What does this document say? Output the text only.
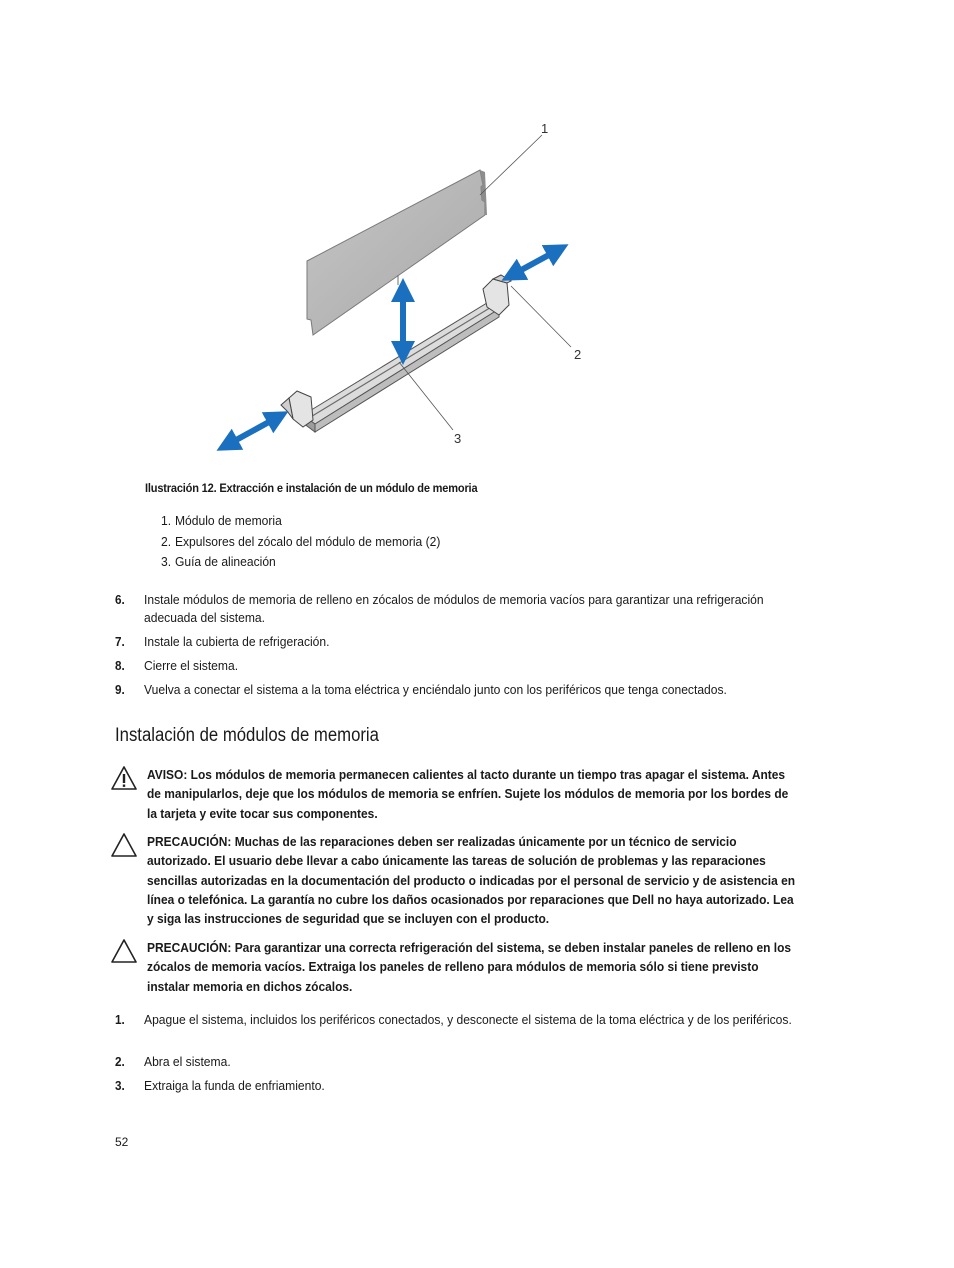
1
2
3
Ilustración 12. Extracción e instalación de un módulo de memoria
1. Módulo de memoria
2. Expulsores del zócalo del módulo de memoria (2)
3. Guía de alineación
6. Instale módulos de memoria de relleno en zócalos de módulos de memoria vacíos para garantizar una refrigeración adecuada del sistema.
7. Instale la cubierta de refrigeración.
8. Cierre el sistema.
9. Vuelva a conectar el sistema a la toma eléctrica y enciéndalo junto con los periféricos que tenga conectados.
Instalación de módulos de memoria
AVISO: Los módulos de memoria permanecen calientes al tacto durante un tiempo tras apagar el sistema. Antes de manipularlos, deje que los módulos de memoria se enfríen. Sujete los módulos de memoria por los bordes de la tarjeta y evite tocar sus componentes.
PRECAUCIÓN: Muchas de las reparaciones deben ser realizadas únicamente por un técnico de servicio autorizado. El usuario debe llevar a cabo únicamente las tareas de solución de problemas y las reparaciones sencillas autorizadas en la documentación del producto o indicadas por el personal de servicio y de asistencia en línea o telefónica. La garantía no cubre los daños ocasionados por reparaciones que Dell no haya autorizado. Lea y siga las instrucciones de seguridad que se incluyen con el producto.
PRECAUCIÓN: Para garantizar una correcta refrigeración del sistema, se deben instalar paneles de relleno en los zócalos de memoria vacíos. Extraiga los paneles de relleno para módulos de memoria sólo si tiene previsto instalar memoria en dichos zócalos.
1. Apague el sistema, incluidos los periféricos conectados, y desconecte el sistema de la toma eléctrica y de los periféricos.
2. Abra el sistema.
3. Extraiga la funda de enfriamiento.
52
